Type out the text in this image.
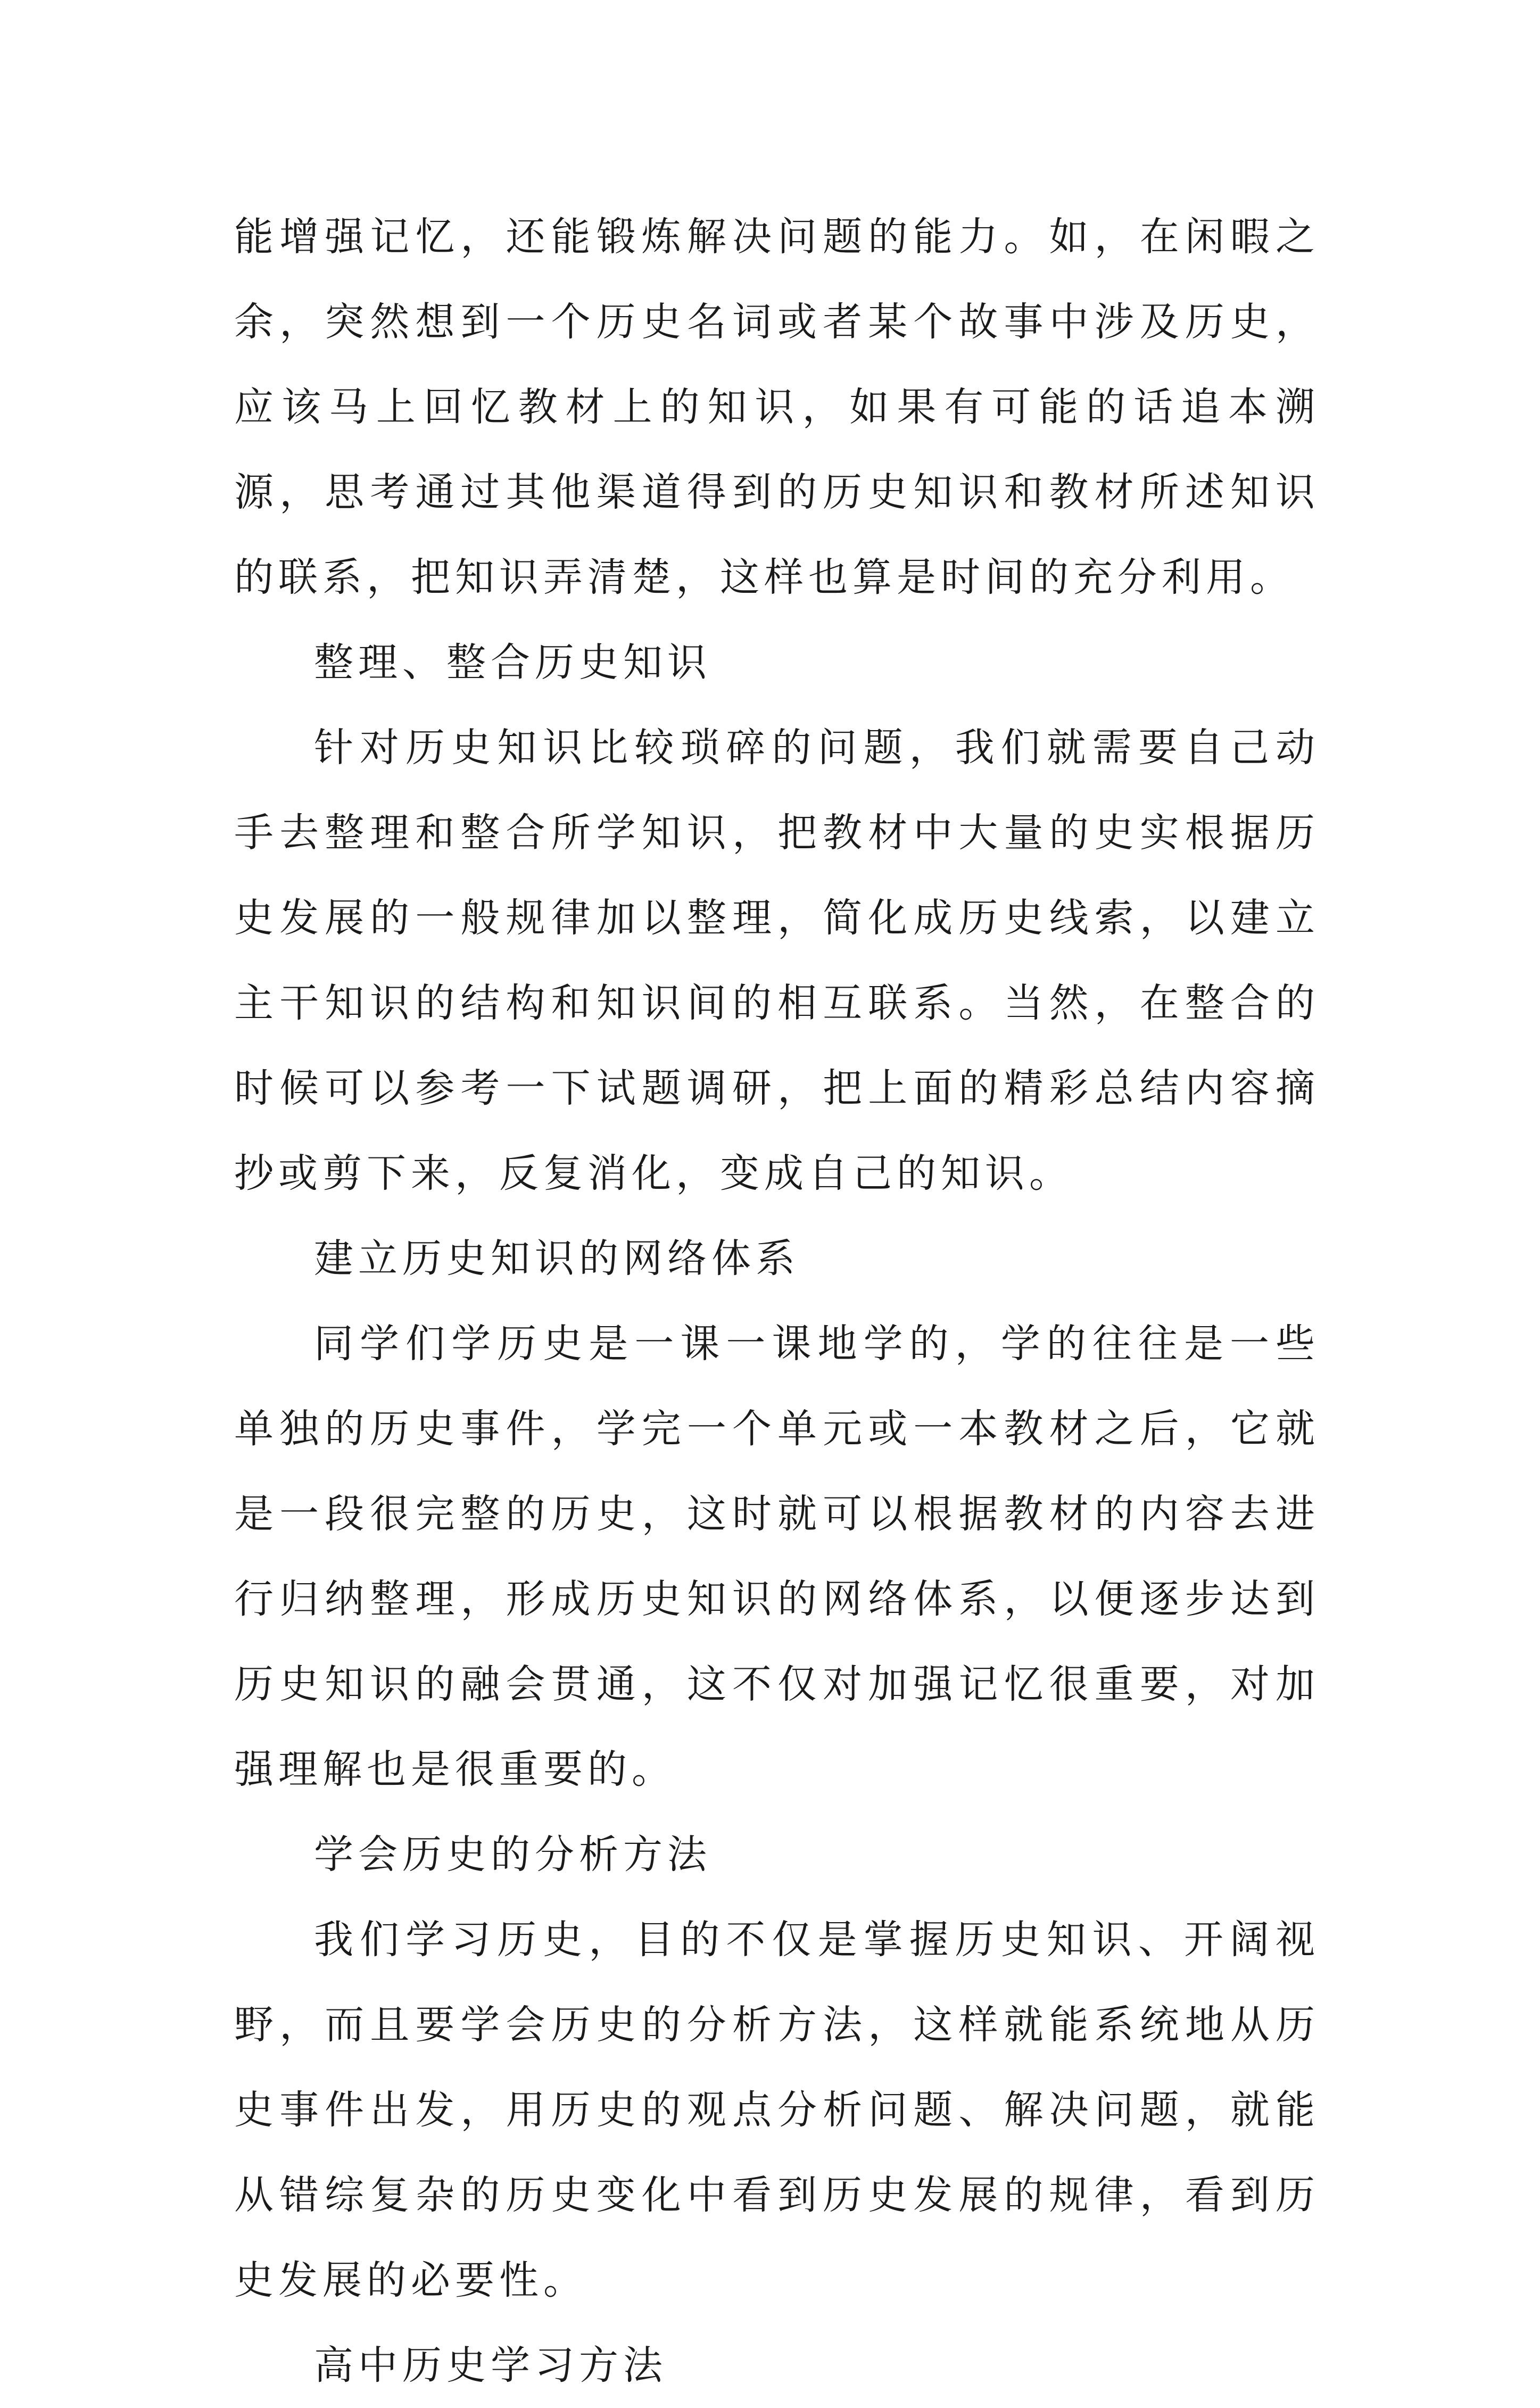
能增强记忆，还能锻炼解决问题的能力。如，在闲暇之余，突然想到一个历史名词或者某个故事中涉及历史，应该马上回忆教材上的知识，如果有可能的话追本溯源，思考通过其他渠道得到的历史知识和教材所述知识的联系，把知识弄清楚，这样也算是时间的充分利用。

整理、整合历史知识

针对历史知识比较琐碎的问题，我们就需要自己动手去整理和整合所学知识，把教材中大量的史实根据历史发展的一般规律加以整理，简化成历史线索，以建立主干知识的结构和知识间的相互联系。当然，在整合的时候可以参考一下试题调研，把上面的精彩总结内容摘抄或剪下来，反复消化，变成自己的知识。

建立历史知识的网络体系

同学们学历史是一课一课地学的，学的往往是一些单独的历史事件，学完一个单元或一本教材之后，它就是一段很完整的历史，这时就可以根据教材的内容去进行归纳整理，形成历史知识的网络体系，以便逐步达到历史知识的融会贯通，这不仅对加强记忆很重要，对加强理解也是很重要的。

学会历史的分析方法

我们学习历史，目的不仅是掌握历史知识、开阔视野，而且要学会历史的分析方法，这样就能系统地从历史事件出发，用历史的观点分析问题、解决问题，就能从错综复杂的历史变化中看到历史发展的规律，看到历史发展的必要性。

高中历史学习方法
